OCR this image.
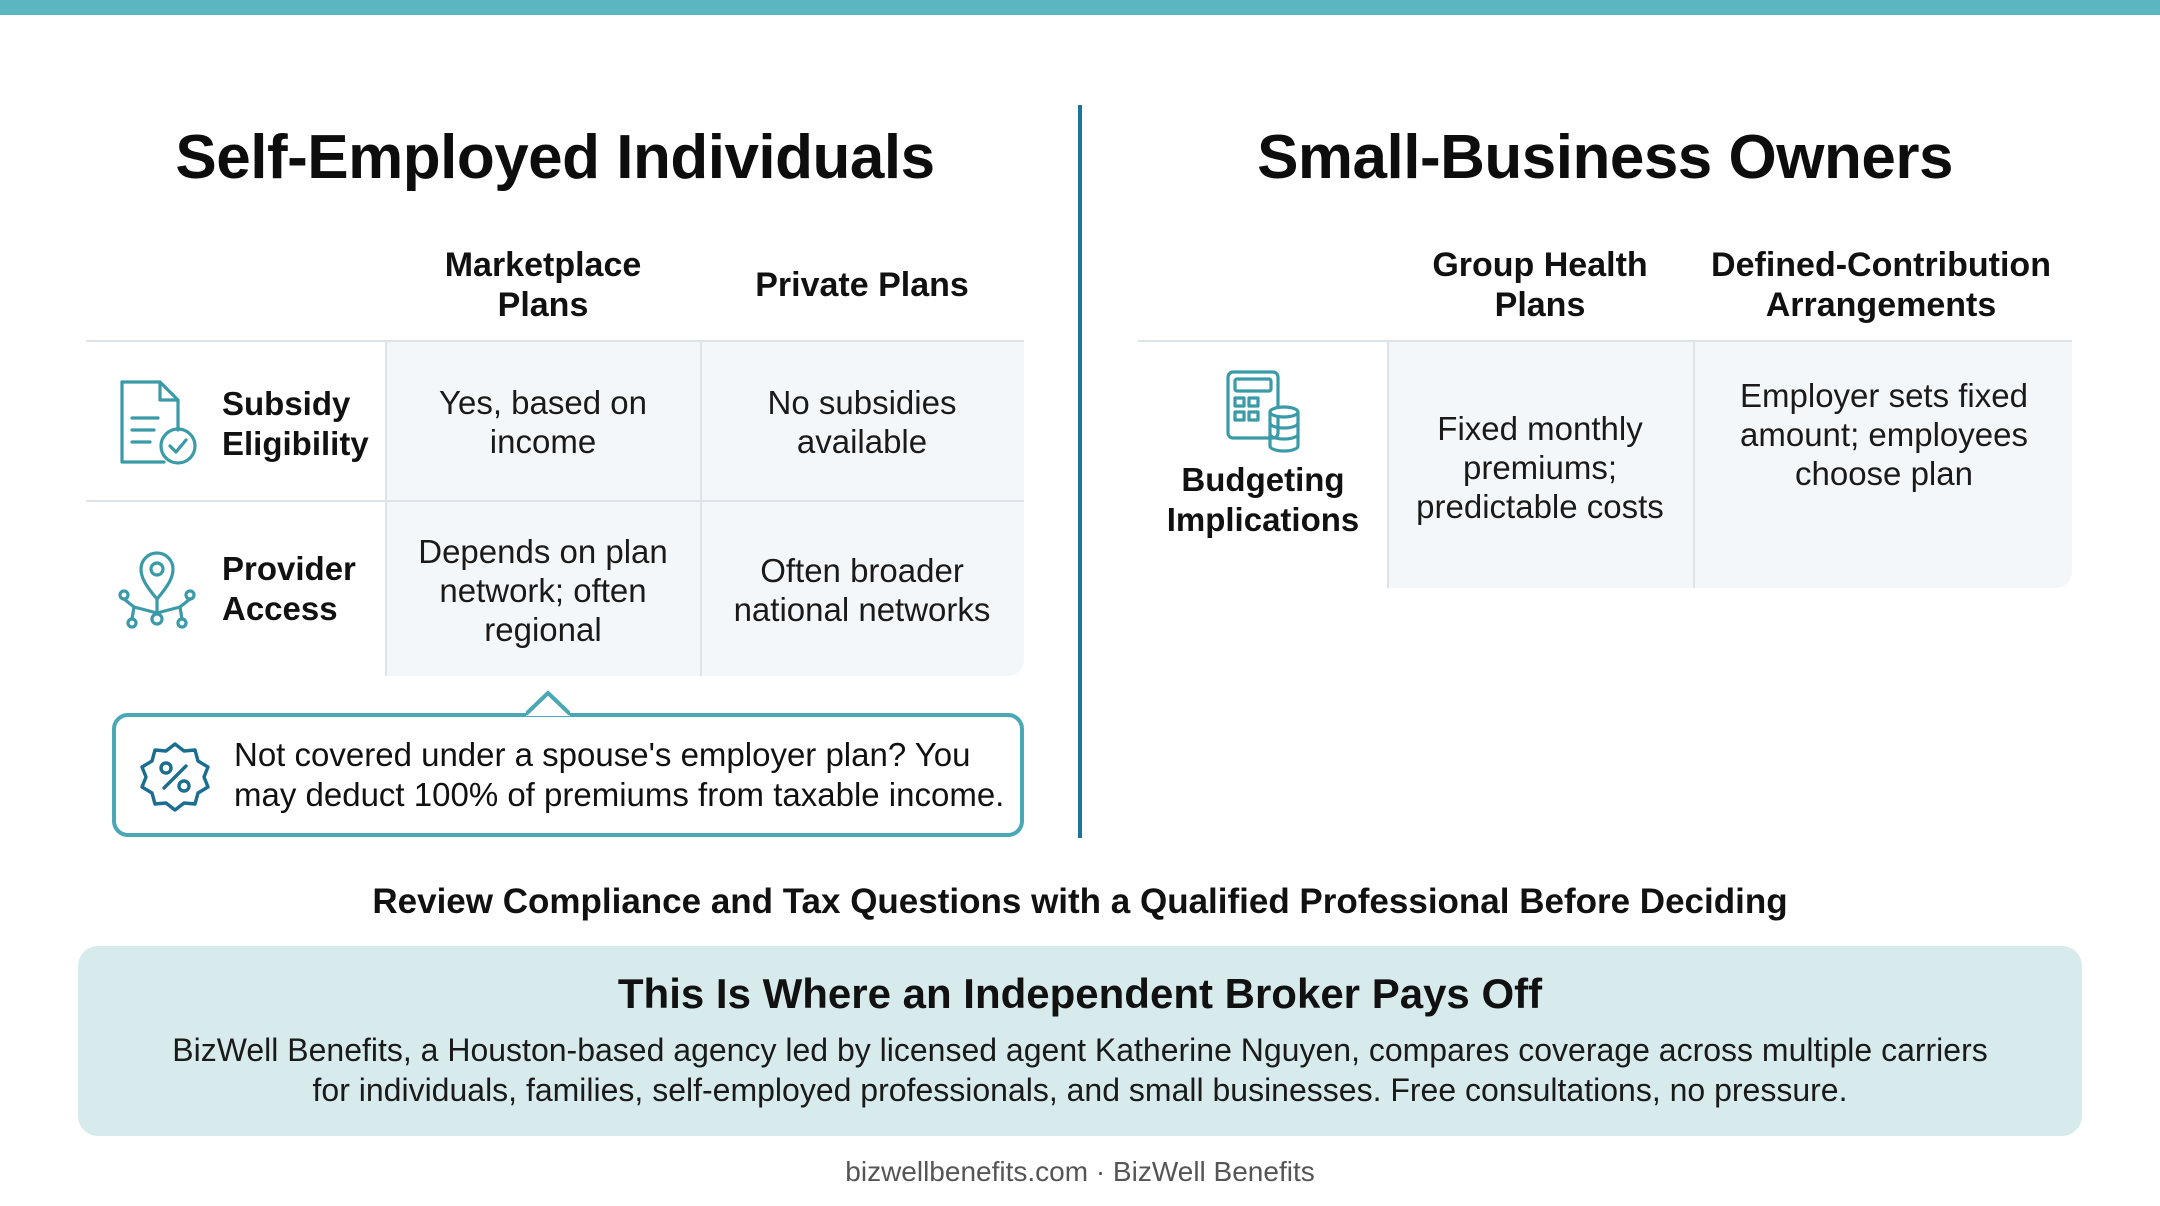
Self-Employed Individuals
Marketplace Plans
Private Plans
Subsidy Eligibility
Yes, based on income
No subsidies available
Provider Access
Depends on plan network; often regional
Often broader national networks
Not covered under a spouse's employer plan? You may deduct 100% of premiums from taxable income.
Small-Business Owners
Group Health Plans
Defined-Contribution Arrangements
Budgeting Implications
Fixed monthly premiums; predictable costs
Employer sets fixed amount; employees choose plan
Review Compliance and Tax Questions with a Qualified Professional Before Deciding
This Is Where an Independent Broker Pays Off
BizWell Benefits, a Houston-based agency led by licensed agent Katherine Nguyen, compares coverage across multiple carriers for individuals, families, self-employed professionals, and small businesses. Free consultations, no pressure.
bizwellbenefits.com · BizWell Benefits
